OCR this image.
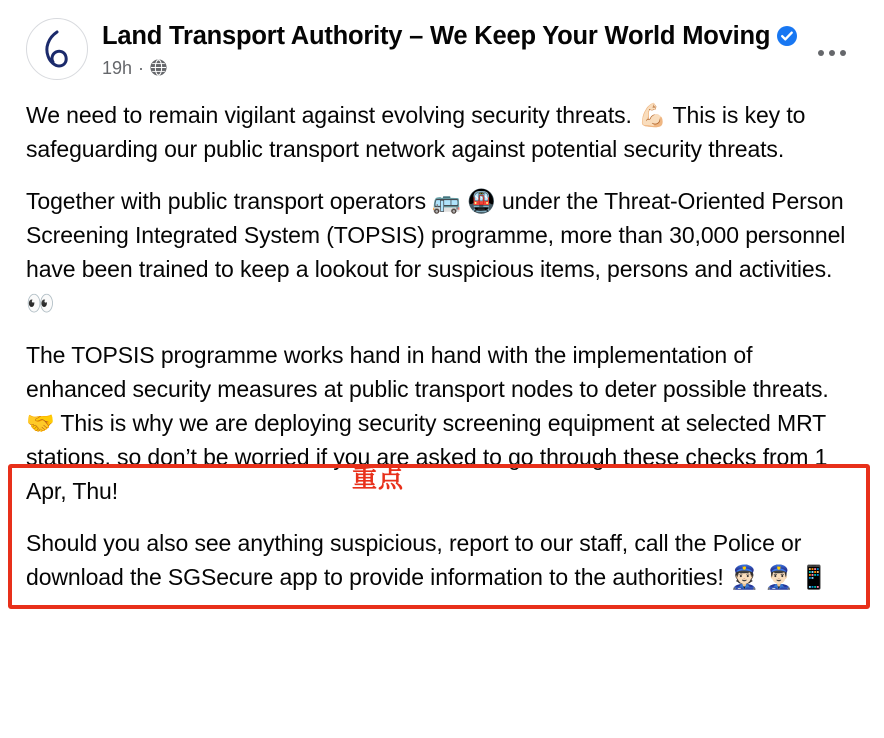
Land Transport Authority – We Keep Your World Moving
19h ·

We need to remain vigilant against evolving security threats. 💪🏻 This is key to safeguarding our public transport network against potential security threats.

Together with public transport operators 🚌 🚇 under the Threat-Oriented Person Screening Integrated System (TOPSIS) programme, more than 30,000 personnel have been trained to keep a lookout for suspicious items, persons and activities. 👀

The TOPSIS programme works hand in hand with the implementation of enhanced security measures at public transport nodes to deter possible threats. 🤝 This is why we are deploying security screening equipment at selected MRT stations, so don’t be worried if you are asked to go through these checks from 1 Apr, Thu!

Should you also see anything suspicious, report to our staff, call the Police or download the SGSecure app to provide information to the authorities! 👮🏻 👮🏻‍♂️ 📱

重点
